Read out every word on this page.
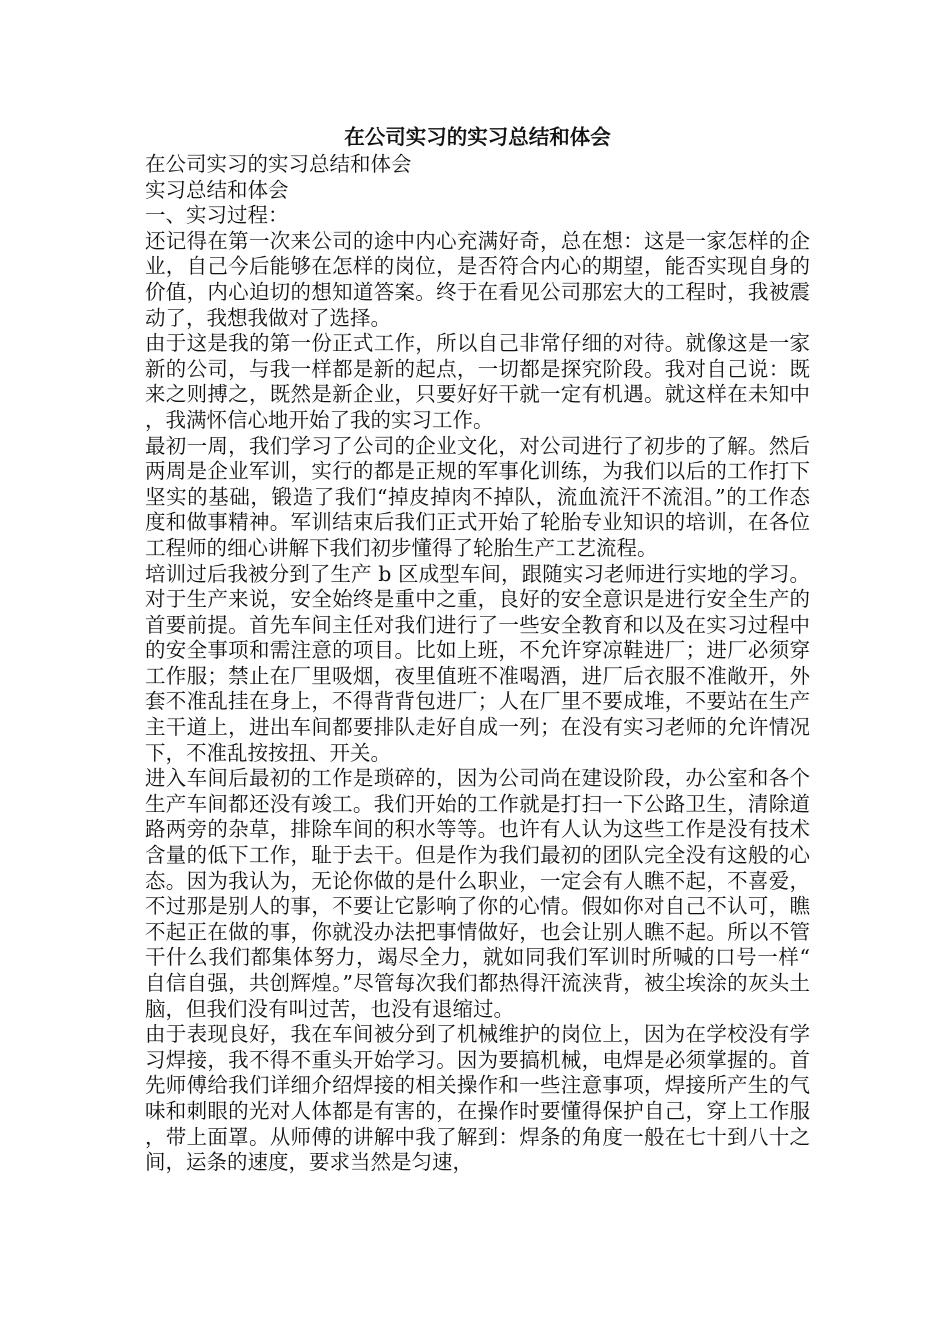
在公司实习的实习总结和体会

在公司实习的实习总结和体会

实习总结和体会

一、实习过程：

还记得在第一次来公司的途中内心充满好奇，总在想：这是一家怎样的企业，自己今后能够在怎样的岗位，是否符合内心的期望，能否实现自身的价值，内心迫切的想知道答案。终于在看见公司那宏大的工程时，我被震动了，我想我做对了选择。

由于这是我的第一份正式工作，所以自己非常仔细的对待。就像这是一家新的公司，与我一样都是新的起点，一切都是探究阶段。我对自己说：既来之则搏之，既然是新企业，只要好好干就一定有机遇。就这样在未知中，我满怀信心地开始了我的实习工作。

最初一周，我们学习了公司的企业文化，对公司进行了初步的了解。然后两周是企业军训，实行的都是正规的军事化训练，为我们以后的工作打下坚实的基础，锻造了我们“掉皮掉肉不掉队，流血流汗不流泪。”的工作态度和做事精神。军训结束后我们正式开始了轮胎专业知识的培训，在各位工程师的细心讲解下我们初步懂得了轮胎生产工艺流程。

培训过后我被分到了生产 b 区成型车间，跟随实习老师进行实地的学习。对于生产来说，安全始终是重中之重，良好的安全意识是进行安全生产的首要前提。首先车间主任对我们进行了一些安全教育和以及在实习过程中的安全事项和需注意的项目。比如上班，不允许穿凉鞋进厂；进厂必须穿工作服；禁止在厂里吸烟，夜里值班不准喝酒，进厂后衣服不准敞开，外套不准乱挂在身上，不得背背包进厂；人在厂里不要成堆，不要站在生产主干道上，进出车间都要排队走好自成一列；在没有实习老师的允许情况下，不准乱按按扭、开关。

进入车间后最初的工作是琐碎的，因为公司尚在建设阶段，办公室和各个生产车间都还没有竣工。我们开始的工作就是打扫一下公路卫生，清除道路两旁的杂草，排除车间的积水等等。也许有人认为这些工作是没有技术含量的低下工作，耻于去干。但是作为我们最初的团队完全没有这般的心态。因为我认为，无论你做的是什么职业，一定会有人瞧不起，不喜爱，不过那是别人的事，不要让它影响了你的心情。假如你对自己不认可，瞧不起正在做的事，你就没办法把事情做好，也会让别人瞧不起。所以不管干什么我们都集体努力，竭尽全力，就如同我们军训时所喊的口号一样“自信自强，共创辉煌。”尽管每次我们都热得汗流浃背，被尘埃涂的灰头土脑，但我们没有叫过苦，也没有退缩过。

由于表现良好，我在车间被分到了机械维护的岗位上，因为在学校没有学习焊接，我不得不重头开始学习。因为要搞机械，电焊是必须掌握的。首先师傅给我们详细介绍焊接的相关操作和一些注意事项，焊接所产生的气味和刺眼的光对人体都是有害的，在操作时要懂得保护自己，穿上工作服，带上面罩。从师傅的讲解中我了解到：焊条的角度一般在七十到八十之间，运条的速度，要求当然是匀速，
